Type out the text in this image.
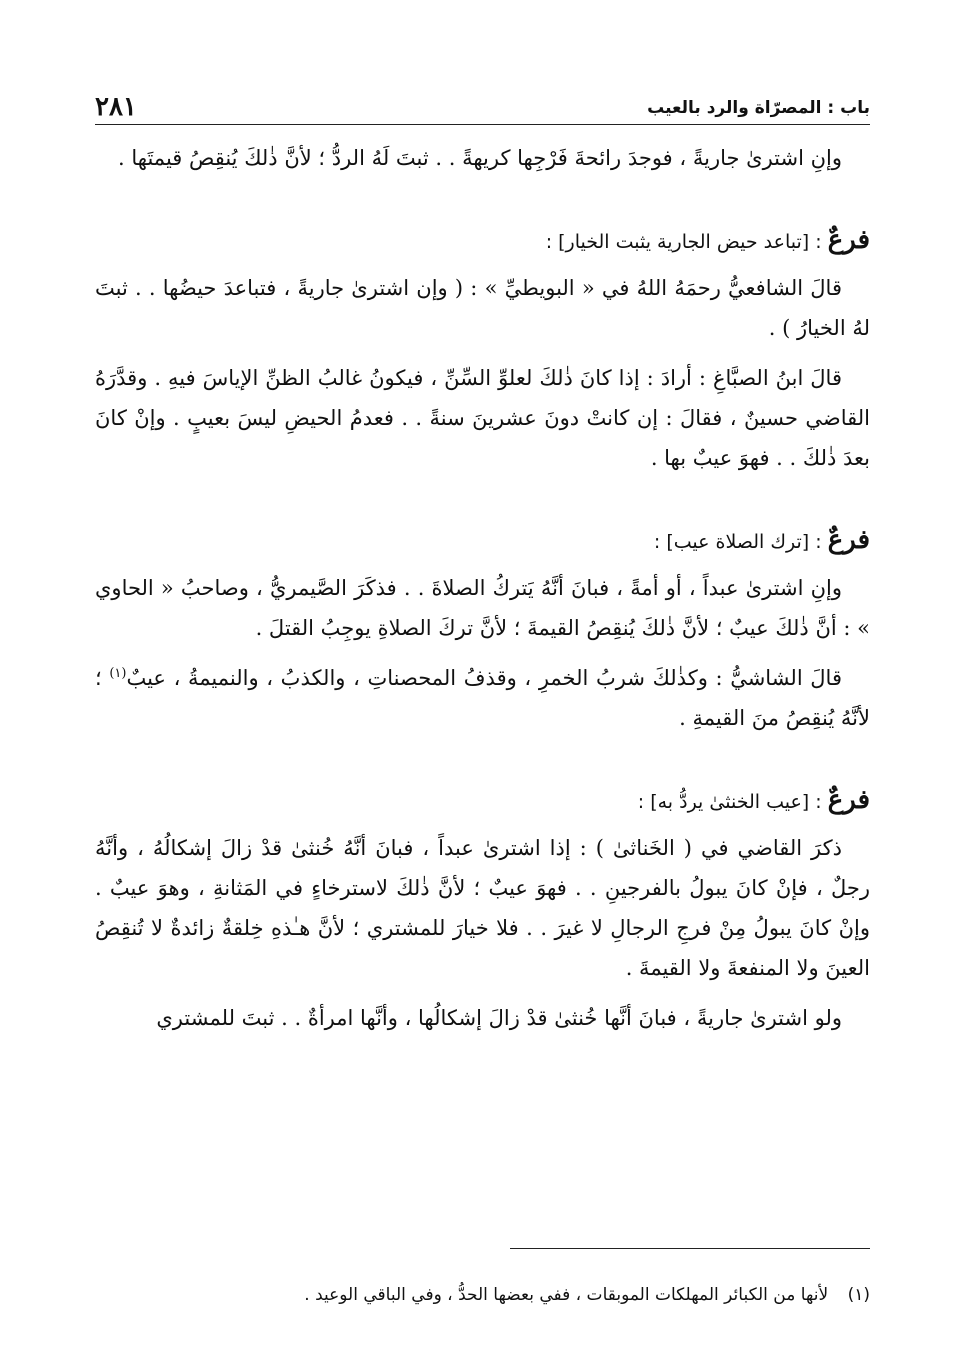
باب : المصرّاة والرد بالعيب
٢٨١

وإنِ اشترىٰ جاريةً ، فوجدَ رائحةَ فَرْجِها كريهةً . . ثبتَ لَهُ الردُّ ؛ لأنَّ ذٰلكَ يُنقِصُ قيمتَها .

فرعٌ : [تباعد حيض الجارية يثبت الخيار] :

قالَ الشافعيُّ رحمَهُ اللهُ في « البويطيِّ » : ( وإن اشترىٰ جاريةً ، فتباعدَ حيضُها . . ثبتَ لهُ الخيارُ ) .

قالَ ابنُ الصبَّاغِ : أرادَ : إذا كانَ ذٰلكَ لعلوِّ السِّنِّ ، فيكونُ غالبُ الظنِّ الإياسَ فيهِ . وقدَّرَهُ القاضي حسينٌ ، فقالَ : إن كانتْ دونَ عشرينَ سنةً . . فعدمُ الحيضِ ليسَ بعيبٍ . وإنْ كانَ بعدَ ذٰلكَ . . فهوَ عيبٌ بها .

فرعٌ : [ترك الصلاة عيب] :

وإنِ اشترىٰ عبداً ، أو أمةً ، فبانَ أنَّهُ يَتركُ الصلاةَ . . فذكَرَ الصَّيمريُّ ، وصاحبُ « الحاوي » : أنَّ ذٰلكَ عيبٌ ؛ لأنَّ ذٰلكَ يُنقِصُ القيمةَ ؛ لأنَّ تركَ الصلاةِ يوجِبُ القتلَ .

قالَ الشاشيُّ : وكذٰلكَ شربُ الخمرِ ، وقذفُ المحصناتِ ، والكذبُ ، والنميمةُ ، عيبٌ$^{(١)}$ ؛ لأنَّهُ يُنقِصُ منَ القيمةِ .

فرعٌ : [عيب الخنثىٰ يردُّ به] :

ذكرَ القاضي في ( الخَناثىٰ ) : إذا اشترىٰ عبداً ، فبانَ أنَّهُ خُنثىٰ قدْ زالَ إشكالُهُ ، وأنَّهُ رجلٌ ، فإنْ كانَ يبولُ بالفرجينِ . . فهوَ عيبٌ ؛ لأنَّ ذٰلكَ لاسترخاءٍ في المَثانةِ ، وهوَ عيبٌ . وإنْ كانَ يبولُ مِنْ فرجِ الرجالِ لا غيرَ . . فلا خيارَ للمشتري ؛ لأنَّ هـٰذهِ خِلقةٌ زائدةٌ لا تُنقِصُ العينَ ولا المنفعةَ ولا القيمةَ .

ولو اشترىٰ جاريةً ، فبانَ أنَّها خُنثىٰ قدْ زالَ إشكالُها ، وأنَّها امرأةٌ . . ثبتَ للمشتري

(١) لأنها من الكبائر المهلكات الموبقات ، ففي بعضها الحدُّ ، وفي الباقي الوعيد .
